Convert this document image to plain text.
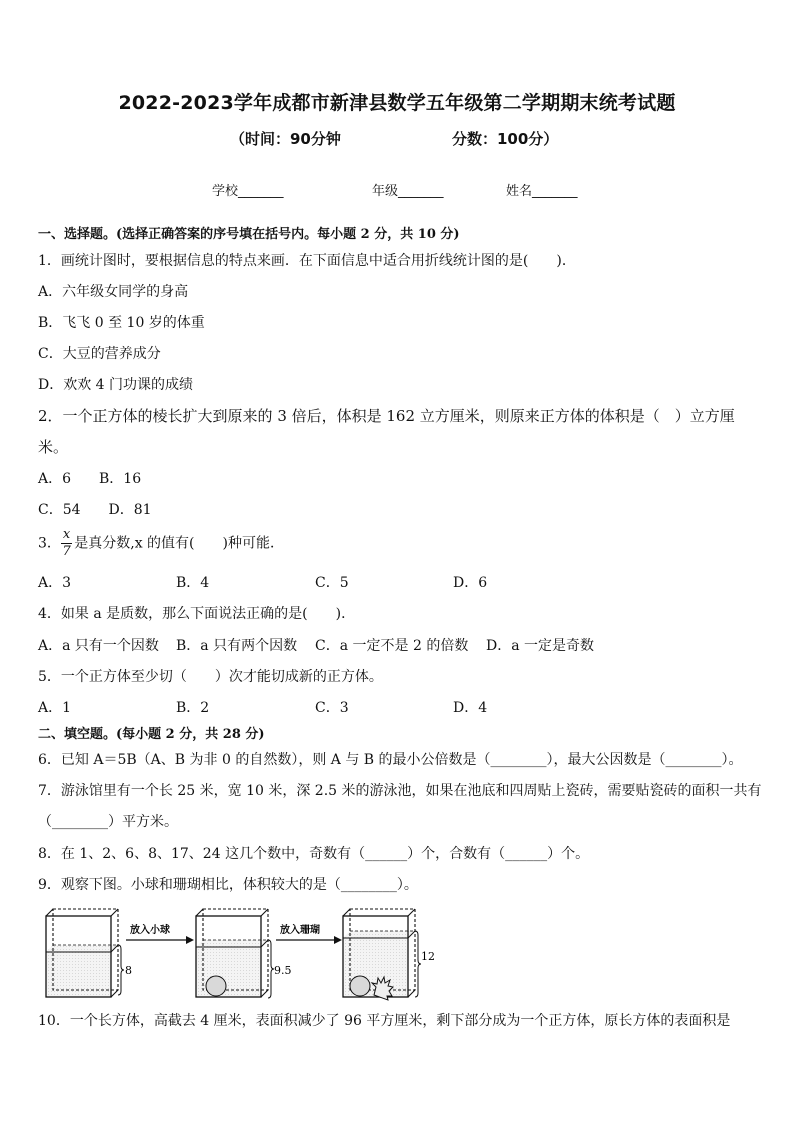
2022-2023学年成都市新津县数学五年级第二学期期末统考试题
（时间：90分钟	分数：100分）
学校_______	年级_______	姓名_______
一、选择题。(选择正确答案的序号填在括号内。每小题 2 分，共 10 分)
1．画统计图时，要根据信息的特点来画．在下面信息中适合用折线统计图的是(　　)．
A．六年级女同学的身高
B．飞飞 0 至 10 岁的体重
C．大豆的营养成分
D．欢欢 4 门功课的成绩
2．一个正方体的棱长扩大到原来的 3 倍后，体积是 162 立方厘米，则原来正方体的体积是（　）立方厘
米。
A．6　　B．16
C．54　　D．81
3． $\frac{x}{7}$ 是真分数,x 的值有(　　)种可能．
A．3	B．4	C．5	D．6
4．如果 a 是质数，那么下面说法正确的是(　　)．
A．a 只有一个因数 B．a 只有两个因数 C．a 一定不是 2 的倍数 D．a 一定是奇数
5．一个正方体至少切（　　）次才能切成新的正方体。
A．1	B．2	C．3	D．4
二、填空题。(每小题 2 分，共 28 分)
6．已知 A＝5B（A、B 为非 0 的自然数），则 A 与 B 的最小公倍数是（________），最大公因数是（________）。
7．游泳馆里有一个长 25 米，宽 10 米，深 2.5 米的游泳池，如果在池底和四周贴上瓷砖，需要贴瓷砖的面积一共有
（________）平方米。
8．在 1、2、6、8、17、24 这几个数中，奇数有（______）个，合数有（______）个。
9．观察下图。小球和珊瑚相比，体积较大的是（________）。
8
放入小球
9.5
放入珊瑚
12
10．一个长方体，高截去 4 厘米，表面积减少了 96 平方厘米，剩下部分成为一个正方体，原长方体的表面积是
